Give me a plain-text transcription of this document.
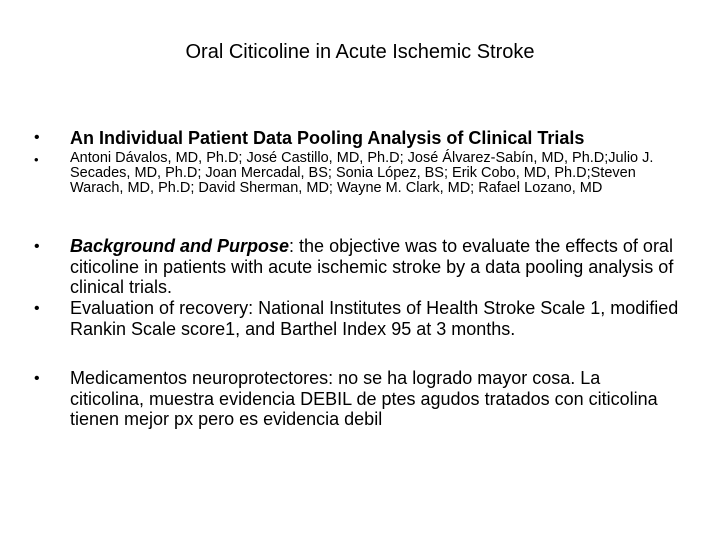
Oral Citicoline in Acute Ischemic Stroke
• An Individual Patient Data Pooling Analysis of Clinical Trials
• Antoni Dávalos, MD, Ph.D; José Castillo, MD, Ph.D; José Álvarez-Sabín, MD, Ph.D;Julio J. Secades, MD, Ph.D; Joan Mercadal, BS; Sonia López, BS; Erik Cobo, MD, Ph.D;Steven Warach, MD, Ph.D; David Sherman, MD; Wayne M. Clark, MD; Rafael Lozano, MD
• Background and Purpose: the objective was to evaluate the effects of oral citicoline in patients with acute ischemic stroke by a data pooling analysis of clinical trials.
• Evaluation of recovery: National Institutes of Health Stroke Scale 1, modified Rankin Scale score1, and Barthel Index 95 at 3 months.
• Medicamentos neuroprotectores: no se ha logrado mayor cosa. La citicolina, muestra evidencia DEBIL de ptes agudos tratados con citicolina tienen mejor px pero es evidencia debil
